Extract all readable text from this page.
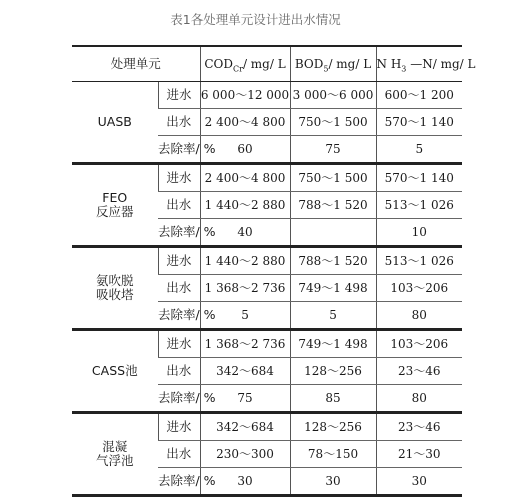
表1各处理单元设计进出水情况
处理单元		$COD_{Cr}/$ mg/ L	$BOD_5/$ mg/ L	N $H_3$ —N/ mg/ L

UASB	进水	6 000～12 000	3 000～6 000	600～1 200
	出水	2 400～4 800	750～1 500	570～1 140
	去除率/ %	60	75	5

FEO
反应器	进水	2 400～4 800	750～1 500	570～1 140
	出水	1 440～2 880	788～1 520	513～1 026
	去除率/ %	40		10

氨吹脱
吸收塔	进水	1 440～2 880	788～1 520	513～1 026
	出水	1 368～2 736	749～1 498	103～206
	去除率/ %	5	5	80

CASS池	进水	1 368～2 736	749～1 498	103～206
	出水	342～684	128～256	23～46
	去除率/ %	75	85	80

混凝
气浮池	进水	342～684	128～256	23～46
	出水	230～300	78～150	21～30
	去除率/ %	30	30	30
